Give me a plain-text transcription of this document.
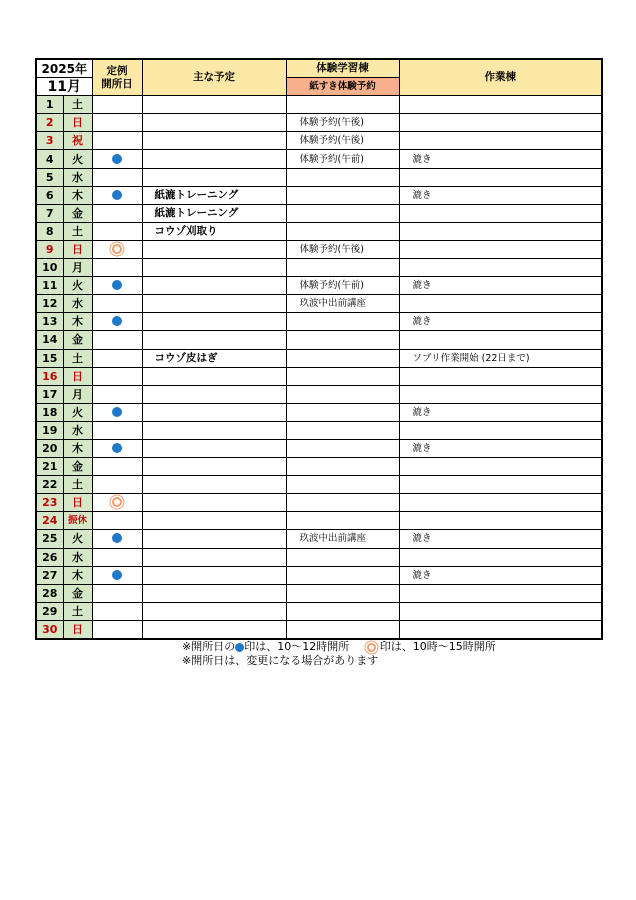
2025年		定例
開所日	主な予定	体験学習棟	作業棟
11月				紙すき体験予約	
1	土				
2	日			体験予約(午後)	
3	祝			体験予約(午後)	
4	火			体験予約(午前)	漉き
5	水				
6	木		紙漉トレーニング		漉き
7	金		紙漉トレーニング		
8	土		コウゾ刈取り		
9	日			体験予約(午後)	
10	月				
11	火			体験予約(午前)	漉き
12	水			玖波中出前講座	
13	木				漉き
14	金				
15	土		コウゾ皮はぎ		ソブリ作業開始 (22日まで)
16	日				
17	月				
18	火				漉き
19	水				
20	木				漉き
21	金				
22	土				
23	日				
24	振休				
25	火			玖波中出前講座	漉き
26	水				
27	木				漉き
28	金				
29	土				
30	日				
※開所日の 印は、10～12時開所	印は、10時～15時開所
※開所日は、変更になる場合があります
